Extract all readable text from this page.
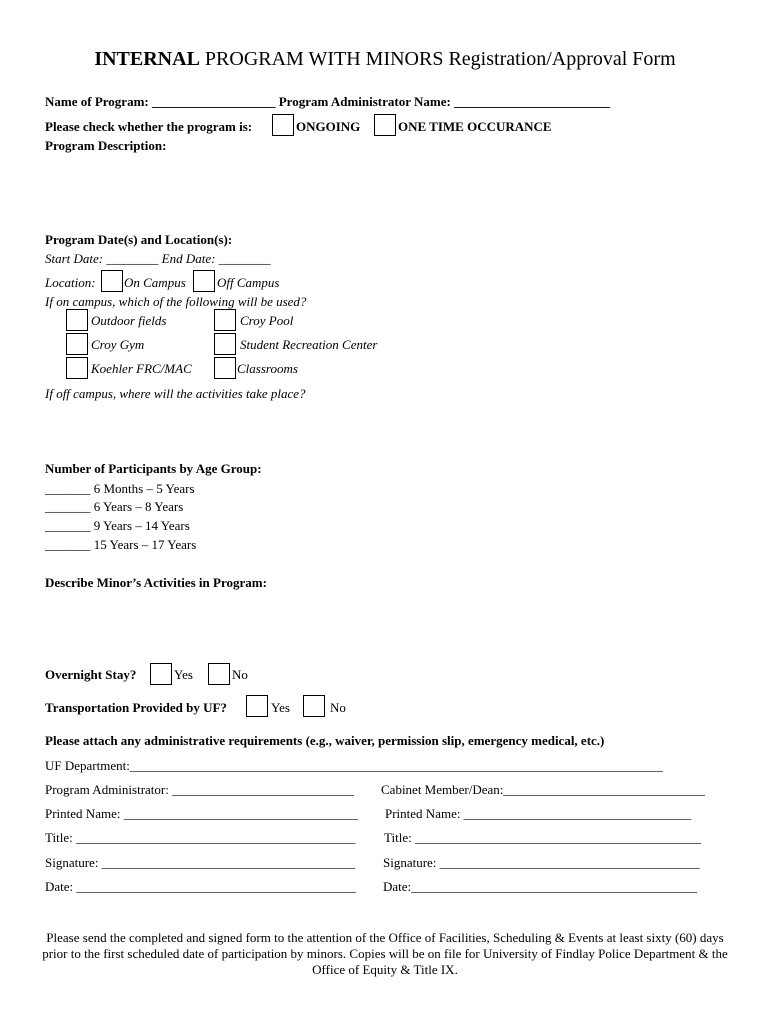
INTERNAL PROGRAM WITH MINORS Registration/Approval Form
Name of Program: ___________________ Program Administrator Name: ________________________
Please check whether the program is:	ONGOING	ONE TIME OCCURANCE
Program Description:
Program Date(s) and Location(s):
Start Date: ________ End Date: ________
Location: On Campus Off Campus
If on campus, which of the following will be used?
Outdoor fields	Croy Pool
Croy Gym	Student Recreation Center
Koehler FRC/MAC	Classrooms
If off campus, where will the activities take place?
Number of Participants by Age Group:
_______ 6 Months – 5 Years
_______ 6 Years – 8 Years
_______ 9 Years – 14 Years
_______ 15 Years – 17 Years
Describe Minor’s Activities in Program:
Overnight Stay?	Yes	No
Transportation Provided by UF?	Yes	No
Please attach any administrative requirements (e.g., waiver, permission slip, emergency medical, etc.)
UF Department:__________________________________________________________________________________
Program Administrator: ____________________________ Cabinet Member/Dean:_______________________________
Printed Name: ____________________________________ Printed Name: ___________________________________
Title: ___________________________________________ Title: ____________________________________________
Signature: _______________________________________ Signature: ________________________________________
Date: ___________________________________________ Date:____________________________________________
Please send the completed and signed form to the attention of the Office of Facilities, Scheduling & Events at least sixty (60) days prior to the first scheduled date of participation by minors. Copies will be on file for University of Findlay Police Department & the Office of Equity & Title IX.
